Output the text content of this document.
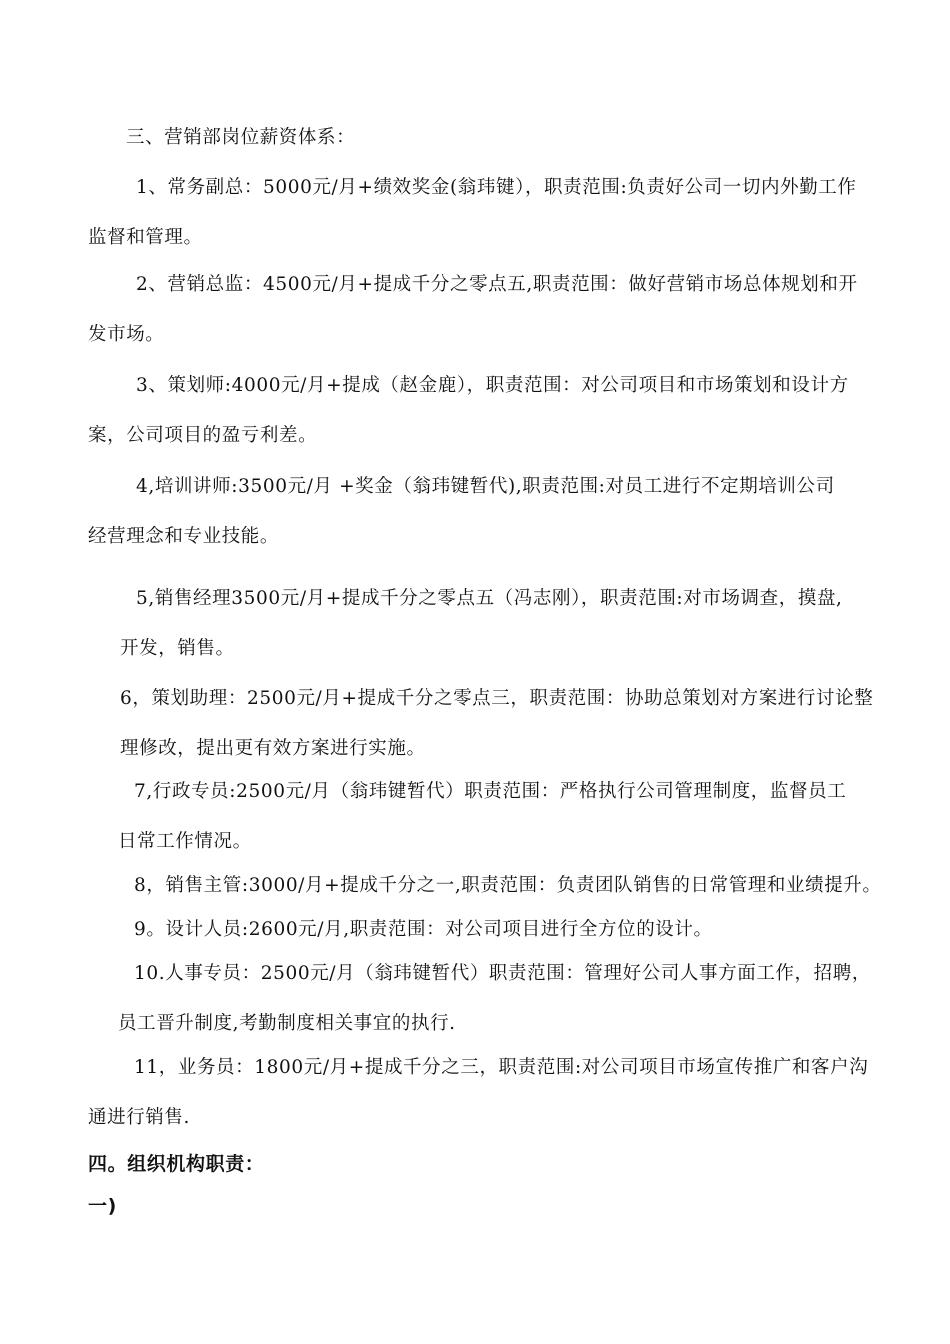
三、营销部岗位薪资体系：
1、常务副总：5000元/月+绩效奖金(翁玮键），职责范围:负责好公司一切内外勤工作
监督和管理。
2、营销总监：4500元/月+提成千分之零点五,职责范围：做好营销市场总体规划和开
发市场。
3、策划师:4000元/月+提成（赵金鹿），职责范围：对公司项目和市场策划和设计方
案，公司项目的盈亏利差。
4,培训讲师:3500元/月 +奖金（翁玮键暂代),职责范围:对员工进行不定期培训公司
经营理念和专业技能。
5,销售经理3500元/月+提成千分之零点五（冯志刚），职责范围:对市场调查，摸盘,
开发，销售。
6，策划助理：2500元/月+提成千分之零点三，职责范围：协助总策划对方案进行讨论整
理修改，提出更有效方案进行实施。
7,行政专员:2500元/月（翁玮键暂代）职责范围：严格执行公司管理制度，监督员工
日常工作情况。
8，销售主管:3000/月+提成千分之一,职责范围：负责团队销售的日常管理和业绩提升。
9。设计人员:2600元/月,职责范围：对公司项目进行全方位的设计。
10.人事专员：2500元/月（翁玮键暂代）职责范围：管理好公司人事方面工作，招聘，
员工晋升制度,考勤制度相关事宜的执行.
11，业务员：1800元/月+提成千分之三，职责范围:对公司项目市场宣传推广和客户沟
通进行销售.
四。组织机构职责：
一)
